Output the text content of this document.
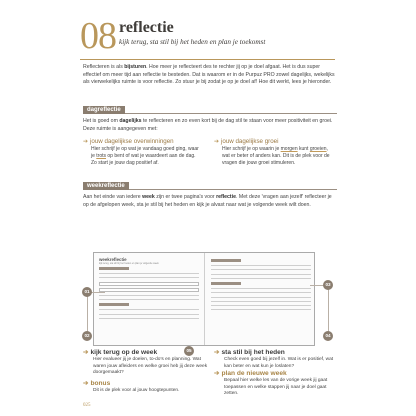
08 reflectie
kijk terug, sta stil bij het heden en plan je toekomst
Reflecteren is als bijsturen. Hoe meer je reflecteert des te rechter jij op je doel afgaat. Het is dus super effectief om meer tijd aan reflectie te besteden. Dat is waarom er in de Purpuz PRO zowel dagelijks, wekelijks als vierwekelijks ruimte is voor reflectie. Zo stuur je bij zodat je op je doel af! Hoe dit werkt, lees je hieronder.
dagreflectie
Het is goed om dagelijks te reflecteren en zo even kort bij de dag stil te staan voor meer positiviteit en groei. Deze ruimte is aangegeven met:
➔ jouw dagelijkse overwinningen
Hier schrijf je op wat je vandaag goed ging, waar je trots op bent of wat je waardeert aan de dag. Zo start je jouw dag positief af.
➔ jouw dagelijkse groei
Hier schrijf je op waarin je morgen kunt groeien, wat er beter of anders kan. Dit is de plek voor de vragen die jouw groei stimuleren.
weekreflectie
Aan het einde van iedere week zijn er twee pagina's voor reflectie. Met deze 'vragen aan jezelf' reflecteer je op de afgelopen week, sta je stil bij het heden en kijk je alvast naar wat je volgende week wilt doen.
weekreflectie
kijk terug, sta stil bij het heden en plan je volgende week
01
02
03
04
05
➔ kijk terug op de week
Hier evalueer jij je doelen, to-do's en planning. Wat waren jouw afleiders en welke groei heb jij deze week doorgemaakt?
➔ bonus
Dit is de plek voor al jouw hoogtepunten.
➔ sta stil bij het heden
Check even goed bij jezelf in. Wat is er positief, wat kan beter en wat kun je loslaten?
➔ plan de nieuwe week
Bepaal hier welke les van de vorige week jij gaat toepassen en welke stappen jij naar je doel gaat zetten.
025
